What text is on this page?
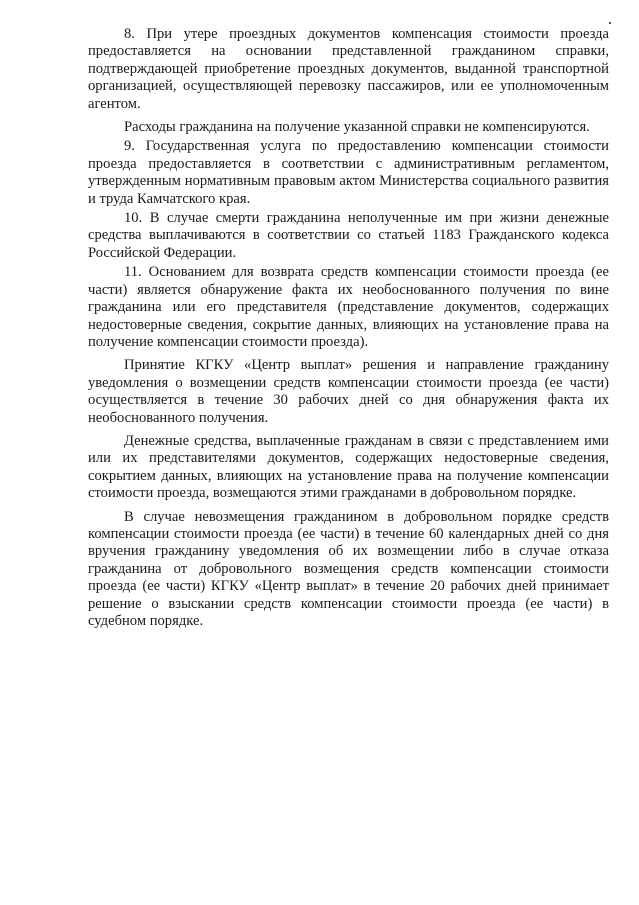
8. При утере проездных документов компенсация стоимости проезда предоставляется на основании представленной гражданином справки, подтверждающей приобретение проездных документов, выданной транспортной организацией, осуществляющей перевозку пассажиров, или ее уполномоченным агентом.

Расходы гражданина на получение указанной справки не компенсируются.

9. Государственная услуга по предоставлению компенсации стоимости проезда предоставляется в соответствии с административным регламентом, утвержденным нормативным правовым актом Министерства социального развития и труда Камчатского края.

10. В случае смерти гражданина неполученные им при жизни денежные средства выплачиваются в соответствии со статьей 1183 Гражданского кодекса Российской Федерации.

11. Основанием для возврата средств компенсации стоимости проезда (ее части) является обнаружение факта их необоснованного получения по вине гражданина или его представителя (представление документов, содержащих недостоверные сведения, сокрытие данных, влияющих на установление права на получение компенсации стоимости проезда).

Принятие КГКУ «Центр выплат» решения и направление гражданину уведомления о возмещении средств компенсации стоимости проезда (ее части) осуществляется в течение 30 рабочих дней со дня обнаружения факта их необоснованного получения.

Денежные средства, выплаченные гражданам в связи с представлением ими или их представителями документов, содержащих недостоверные сведения, сокрытием данных, влияющих на установление права на получение компенсации стоимости проезда, возмещаются этими гражданами в добровольном порядке.

В случае невозмещения гражданином в добровольном порядке средств компенсации стоимости проезда (ее части) в течение 60 календарных дней со дня вручения гражданину уведомления об их возмещении либо в случае отказа гражданина от добровольного возмещения средств компенсации стоимости проезда (ее части) КГКУ «Центр выплат» в течение 20 рабочих дней принимает решение о взыскании средств компенсации стоимости проезда (ее части) в судебном порядке.
